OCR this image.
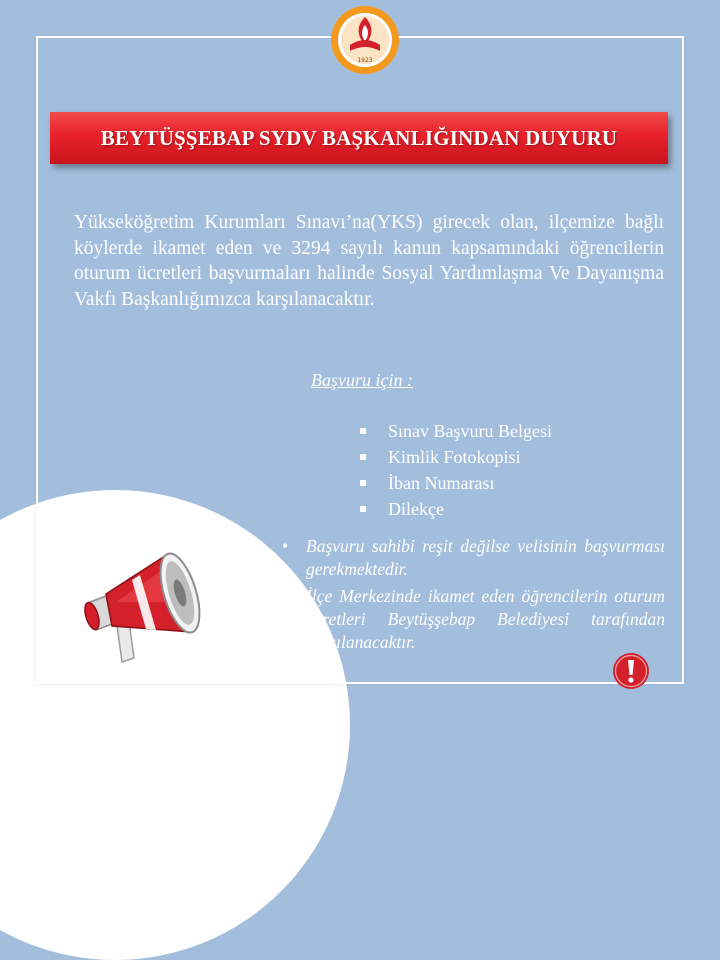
1923
BEYTÜŞŞEBAP SYDV BAŞKANLIĞINDAN DUYURU
Yükseköğretim Kurumları Sınavı’na(YKS) girecek olan, ilçemize bağlı köylerde ikamet eden ve 3294 sayılı kanun kapsamındaki öğrencilerin oturum ücretleri başvurmaları halinde Sosyal Yardımlaşma Ve Dayanışma Vakfı Başkanlığımızca karşılanacaktır.
Başvuru için :
Sınav Başvuru Belgesi
Kimlik Fotokopisi
İban Numarası
Dilekçe
• Başvuru sahibi reşit değilse velisinin başvurması gerekmektedir.
• İlçe Merkezinde ikamet eden öğrencilerin oturum ücretleri Beytüşşebap Belediyesi tarafından karşılanacaktır.
